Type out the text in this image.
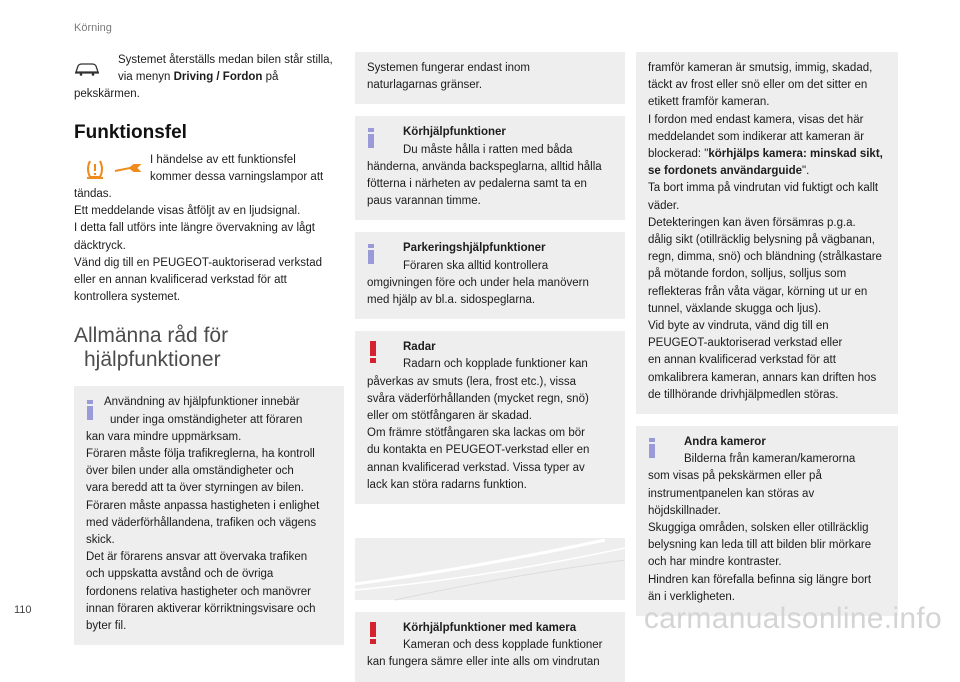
Körning

Systemet återställs medan bilen står stilla,

via menyn Driving / Fordon på

pekskärmen.

Funktionsfel

I händelse av ett funktionsfel

kommer dessa varningslampor att

tändas.

Ett meddelande visas åtföljt av en ljudsignal.

I detta fall utförs inte längre övervakning av lågt

däcktryck.

Vänd dig till en PEUGEOT-auktoriserad verkstad

eller en annan kvalificerad verkstad för att

kontrollera systemet.

Allmänna råd för
hjälpfunktioner

Användning av hjälpfunktioner innebär

under inga omständigheter att föraren

kan vara mindre uppmärksam.

Föraren måste följa trafikreglerna, ha kontroll

över bilen under alla omständigheter och

vara beredd att ta över styrningen av bilen.

Föraren måste anpassa hastigheten i enlighet

med väderförhållandena, trafiken och vägens

skick.

Det är förarens ansvar att övervaka trafiken

och uppskatta avstånd och de övriga

fordonens relativa hastigheter och manövrer

innan föraren aktiverar körriktningsvisare och

byter fil.

Systemen fungerar endast inom

naturlagarnas gränser.

Körhjälpfunktioner

Du måste hålla i ratten med båda

händerna, använda backspeglarna, alltid hålla

fötterna i närheten av pedalerna samt ta en

paus varannan timme.

Parkeringshjälpfunktioner

Föraren ska alltid kontrollera

omgivningen före och under hela manövern

med hjälp av bl.a. sidospeglarna.

Radar

Radarn och kopplade funktioner kan

påverkas av smuts (lera, frost etc.), vissa

svåra väderförhållanden (mycket regn, snö)

eller om stötfångaren är skadad.

Om främre stötfångaren ska lackas om bör

du kontakta en PEUGEOT-verkstad eller en

annan kvalificerad verkstad. Vissa typer av

lack kan störa radarns funktion.

Körhjälpfunktioner med kamera

Kameran och dess kopplade funktioner

kan fungera sämre eller inte alls om vindrutan

framför kameran är smutsig, immig, skadad,

täckt av frost eller snö eller om det sitter en

etikett framför kameran.

I fordon med endast kamera, visas det här

meddelandet som indikerar att kameran är

blockerad: "körhjälps kamera: minskad sikt,

se fordonets användarguide".

Ta bort imma på vindrutan vid fuktigt och kallt

väder.

Detekteringen kan även försämras p.g.a.

dålig sikt (otillräcklig belysning på vägbanan,

regn, dimma, snö) och bländning (strålkastare

på mötande fordon, solljus, solljus som

reflekteras från våta vägar, körning ut ur en

tunnel, växlande skugga och ljus).

Vid byte av vindruta, vänd dig till en

PEUGEOT-auktoriserad verkstad eller

en annan kvalificerad verkstad för att

omkalibrera kameran, annars kan driften hos

de tillhörande drivhjälpmedlen störas.

Andra kameror

Bilderna från kameran/kamerorna

som visas på pekskärmen eller på

instrumentpanelen kan störas av

höjdskillnader.

Skuggiga områden, solsken eller otillräcklig

belysning kan leda till att bilden blir mörkare

och har mindre kontraster.

Hindren kan förefalla befinna sig längre bort

än i verkligheten.

110	carmanualsonline.info
